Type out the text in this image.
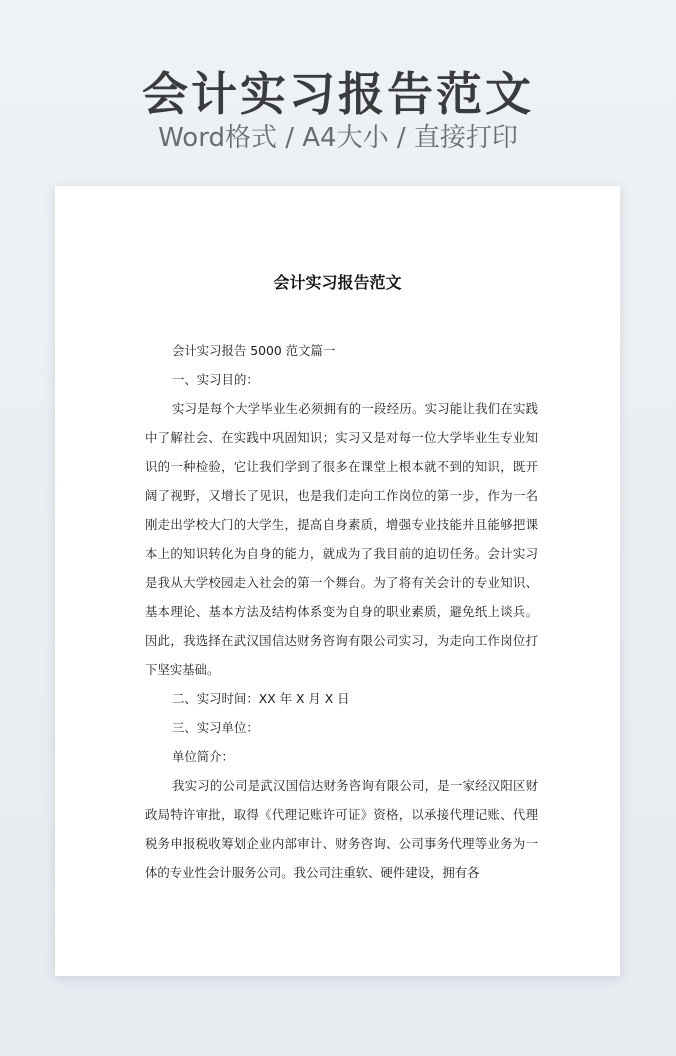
会计实习报告范文
Word格式 / A4大小 / 直接打印
会计实习报告范文

会计实习报告 5000 范文篇一

一、实习目的：

实习是每个大学毕业生必须拥有的一段经历。实习能让我们在实践中了解社会、在实践中巩固知识；实习又是对每一位大学毕业生专业知识的一种检验，它让我们学到了很多在课堂上根本就不到的知识，既开阔了视野，又增长了见识，也是我们走向工作岗位的第一步，作为一名刚走出学校大门的大学生，提高自身素质，增强专业技能并且能够把课本上的知识转化为自身的能力，就成为了我目前的迫切任务。会计实习是我从大学校园走入社会的第一个舞台。为了将有关会计的专业知识、基本理论、基本方法及结构体系变为自身的职业素质，避免纸上谈兵。因此，我选择在武汉国信达财务咨询有限公司实习，为走向工作岗位打下坚实基础。

二、实习时间：XX 年 X 月 X 日

三、实习单位：

单位简介：

我实习的公司是武汉国信达财务咨询有限公司，是一家经汉阳区财政局特许审批，取得《代理记账许可证》资格，以承接代理记账、代理税务申报税收筹划企业内部审计、财务咨询、公司事务代理等业务为一体的专业性会计服务公司。我公司注重软、硬件建设，拥有各
